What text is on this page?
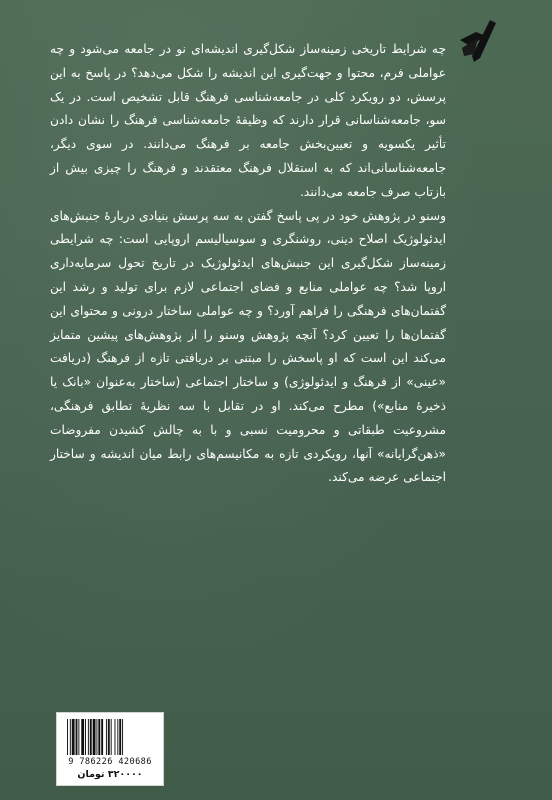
چه شرایط تاریخی زمینه‌ساز شکل‌گیری اندیشه‌ای نو در جامعه می‌شود و چه عواملی فرم، محتوا و جهت‌گیری این اندیشه را شکل می‌دهد؟ در پاسخ به این پرسش، دو رویکرد کلی در جامعه‌شناسی فرهنگ قابل تشخیص است. در یک سو، جامعه‌شناسانی قرار دارند که وظیفهٔ جامعه‌شناسی فرهنگ را نشان دادن تأثیر یکسویه و تعیین‌بخش جامعه بر فرهنگ می‌دانند. در سوی دیگر، جامعه‌شناسانی‌اند که به استقلال فرهنگ معتقدند و فرهنگ را چیزی بیش از بازتاب صرف جامعه می‌دانند.

وسنو در پژوهش خود در پی پاسخ گفتن به سه پرسش بنیادی دربارهٔ جنبش‌های ایدئولوژیک اصلاح دینی، روشنگری و سوسیالیسم اروپایی است: چه شرایطی زمینه‌ساز شکل‌گیری این جنبش‌های ایدئولوژیک در تاریخ تحول سرمایه‌داری اروپا شد؟ چه عواملی منابع و فضای اجتماعی لازم برای تولید و رشد این گفتمان‌های فرهنگی را فراهم آورد؟ و چه عواملی ساختار درونی و محتوای این گفتمان‌ها را تعیین کرد؟ آنچه پژوهش وسنو را از پژوهش‌های پیشین متمایز می‌کند این است که او پاسخش را مبتنی بر دریافتی تازه از فرهنگ (دریافت «عینی» از فرهنگ و ایدئولوژی) و ساختار اجتماعی (ساختار به‌عنوان «بانک یا ذخیرهٔ منابع») مطرح می‌کند. او در تقابل با سه نظریهٔ تطابق فرهنگی، مشروعیت طبقاتی و محرومیت نسبی و با به چالش کشیدن مفروضات «ذهن‌گرایانه» آنها، رویکردی تازه به مکانیسم‌های رابط میان اندیشه و ساختار اجتماعی عرضه می‌کند.

9 786226 420686
۳۲۰۰۰۰ تومان
